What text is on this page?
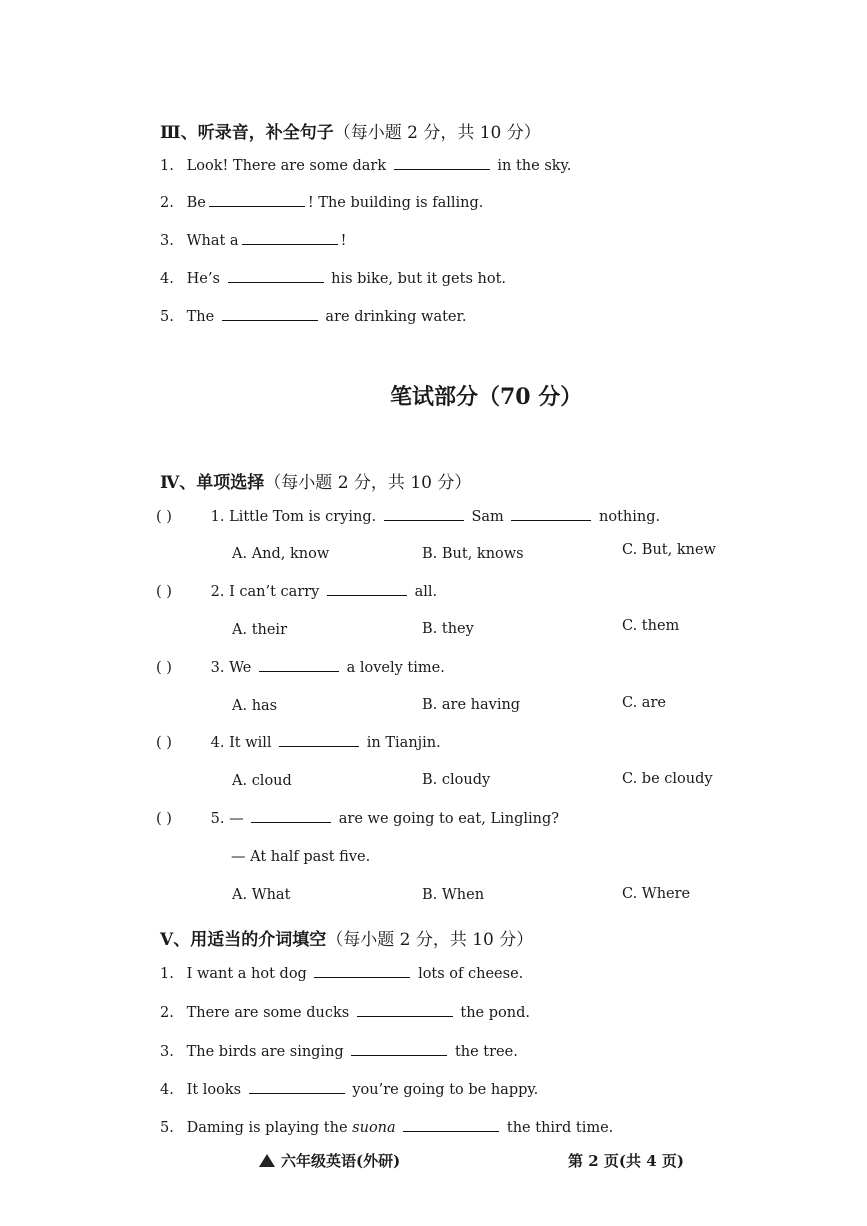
Ⅲ、听录音，补全句子（每小题 2 分，共 10 分）
1. Look! There are some dark	in the sky.
2. Be	! The building is falling.
3. What a	!
4. He’s	his bike, but it gets hot.
5. The	are drinking water.
笔试部分（70 分）
Ⅳ、单项选择（每小题 2 分，共 10 分）
( )	1. Little Tom is crying.	Sam	nothing.
A. And, know	B. But, knows	C. But, knew
( )	2. I can’t carry	all.
A. their	B. they	C. them
( )	3. We	a lovely time.
A. has	B. are having	C. are
( )	4. It will	in Tianjin.
A. cloud	B. cloudy	C. be cloudy
( )	5. —	are we going to eat, Lingling?
— At half past five.
A. What	B. When	C. Where
Ⅴ、用适当的介词填空（每小题 2 分，共 10 分）
1. I want a hot dog	lots of cheese.
2. There are some ducks	the pond.
3. The birds are singing	the tree.
4. It looks	you’re going to be happy.
5. Daming is playing the suona	the third time.
六年级英语(外研)	第 2 页(共 4 页)
